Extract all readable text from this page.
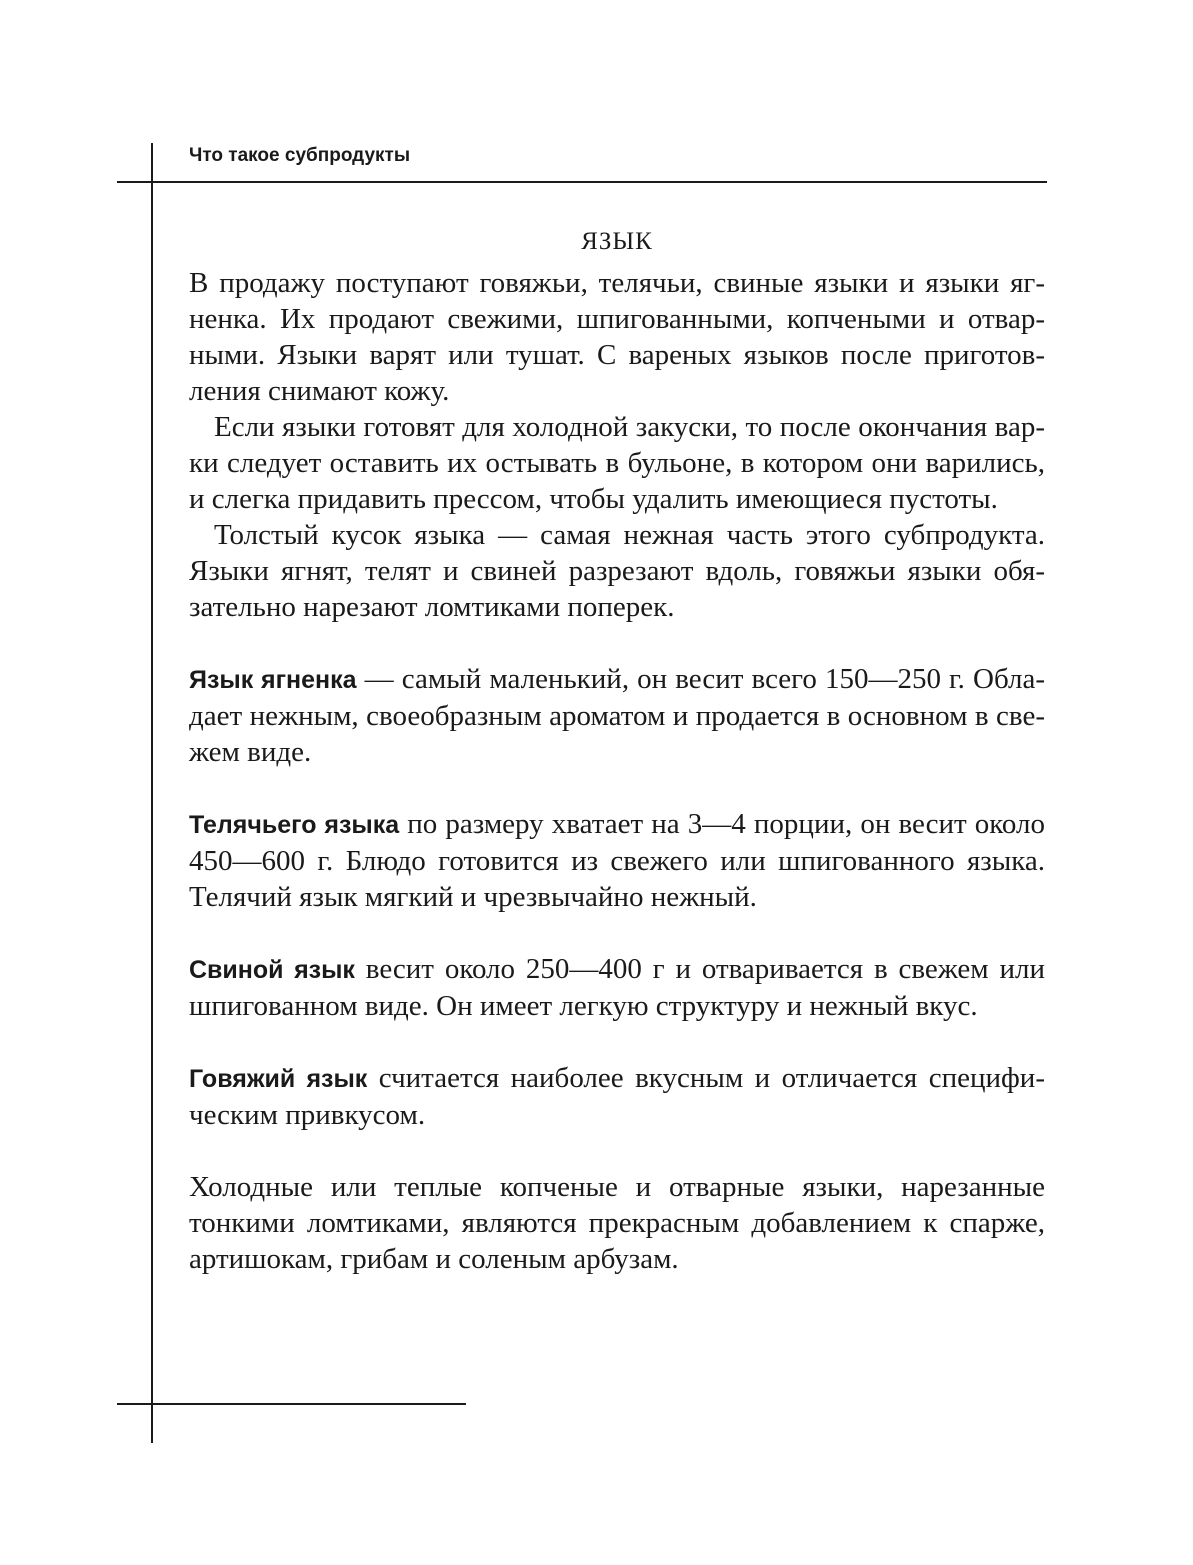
Что такое субпродукты
ЯЗЫК

В продажу поступают говяжьи, телячьи, свиные языки и языки ягненка. Их продают свежими, шпигованными, копчеными и отварными. Языки варят или тушат. С вареных языков после приготовления снимают кожу.

Если языки готовят для холодной закуски, то после окончания варки следует оставить их остывать в бульоне, в котором они варились, и слегка придавить прессом, чтобы удалить имеющиеся пустоты.

Толстый кусок языка — самая нежная часть этого субпродукта. Языки ягнят, телят и свиней разрезают вдоль, говяжьи языки обязательно нарезают ломтиками поперек.

Язык ягненка — самый маленький, он весит всего 150—250 г. Обладает нежным, своеобразным ароматом и продается в основном в свежем виде.

Телячьего языка по размеру хватает на 3—4 порции, он весит около 450—600 г. Блюдо готовится из свежего или шпигованного языка. Телячий язык мягкий и чрезвычайно нежный.

Свиной язык весит около 250—400 г и отваривается в свежем или шпигованном виде. Он имеет легкую структуру и нежный вкус.

Говяжий язык считается наиболее вкусным и отличается специфическим привкусом.

Холодные или теплые копченые и отварные языки, нарезанные тонкими ломтиками, являются прекрасным добавлением к спарже, артишокам, грибам и соленым арбузам.
